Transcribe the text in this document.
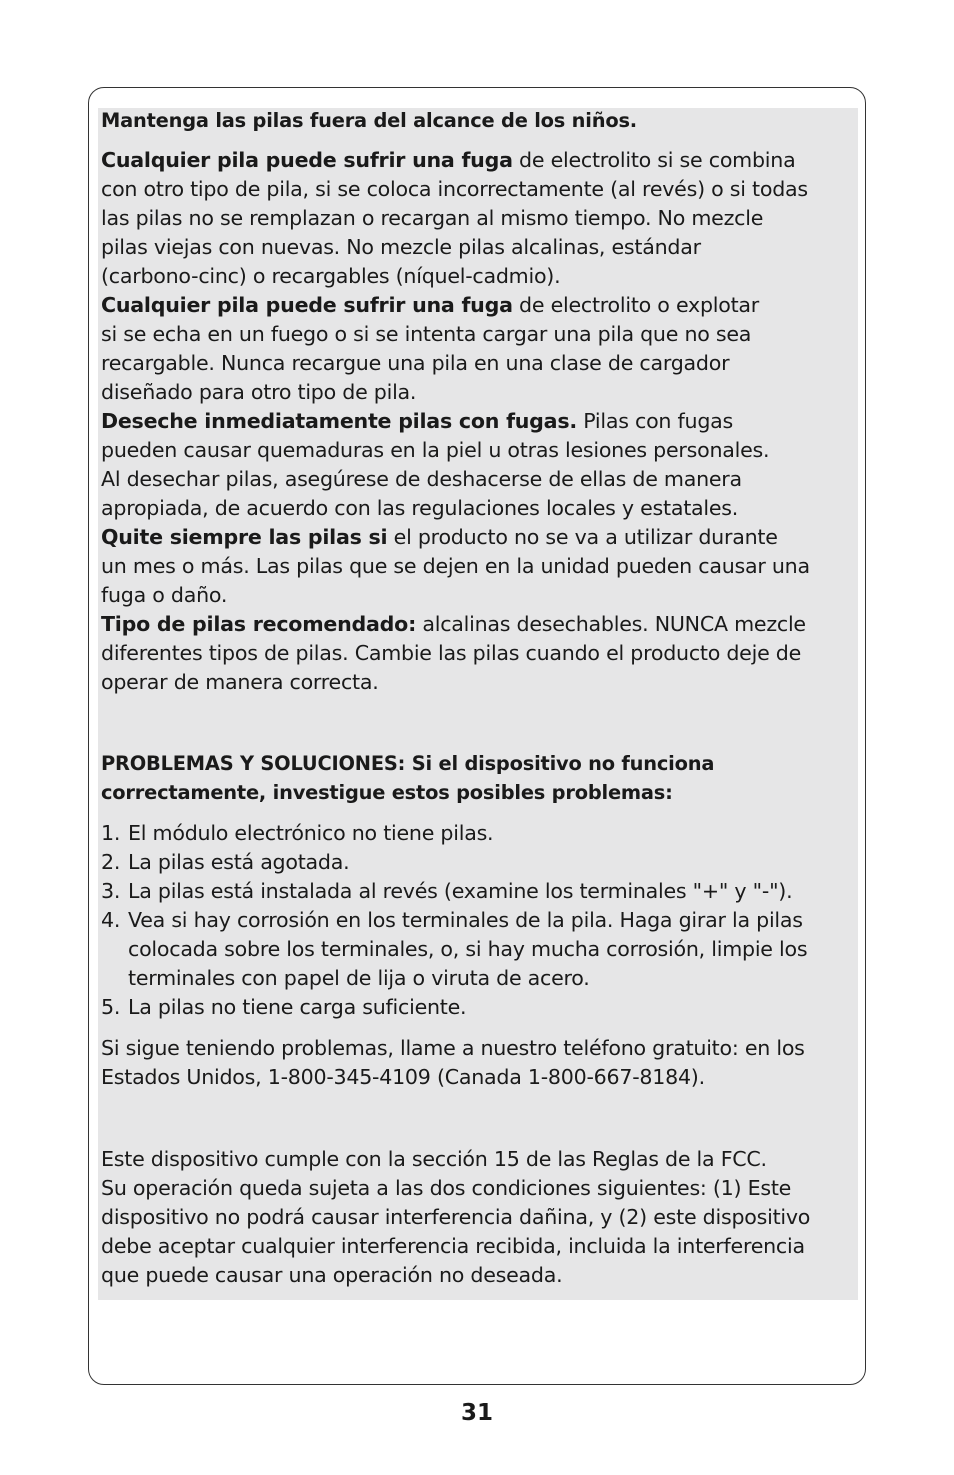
Mantenga las pilas fuera del alcance de los niños.
Cualquier pila puede sufrir una fuga de electrolito si se combina
con otro tipo de pila, si se coloca incorrectamente (al revés) o si todas
las pilas no se remplazan o recargan al mismo tiempo. No mezcle
pilas viejas con nuevas. No mezcle pilas alcalinas, estándar
(carbono-cinc) o recargables (níquel-cadmio).
Cualquier pila puede sufrir una fuga de electrolito o explotar
si se echa en un fuego o si se intenta cargar una pila que no sea
recargable. Nunca recargue una pila en una clase de cargador
diseñado para otro tipo de pila.
Deseche inmediatamente pilas con fugas. Pilas con fugas
pueden causar quemaduras en la piel u otras lesiones personales.
Al desechar pilas, asegúrese de deshacerse de ellas de manera
apropiada, de acuerdo con las regulaciones locales y estatales.
Quite siempre las pilas si el producto no se va a utilizar durante
un mes o más. Las pilas que se dejen en la unidad pueden causar una
fuga o daño.
Tipo de pilas recomendado: alcalinas desechables. NUNCA mezcle
diferentes tipos de pilas. Cambie las pilas cuando el producto deje de
operar de manera correcta.
PROBLEMAS Y SOLUCIONES: Si el dispositivo no funciona
correctamente, investigue estos posibles problemas:
1. El módulo electrónico no tiene pilas.
2. La pilas está agotada.
3. La pilas está instalada al revés (examine los terminales "+" y "-").
4. Vea si hay corrosión en los terminales de la pila. Haga girar la pilas
colocada sobre los terminales, o, si hay mucha corrosión, limpie los
terminales con papel de lija o viruta de acero.
5. La pilas no tiene carga suficiente.
Si sigue teniendo problemas, llame a nuestro teléfono gratuito: en los
Estados Unidos, 1-800-345-4109 (Canada 1-800-667-8184).
Este dispositivo cumple con la sección 15 de las Reglas de la FCC.
Su operación queda sujeta a las dos condiciones siguientes: (1) Este
dispositivo no podrá causar interferencia dañina, y (2) este dispositivo
debe aceptar cualquier interferencia recibida, incluida la interferencia
que puede causar una operación no deseada.
31
